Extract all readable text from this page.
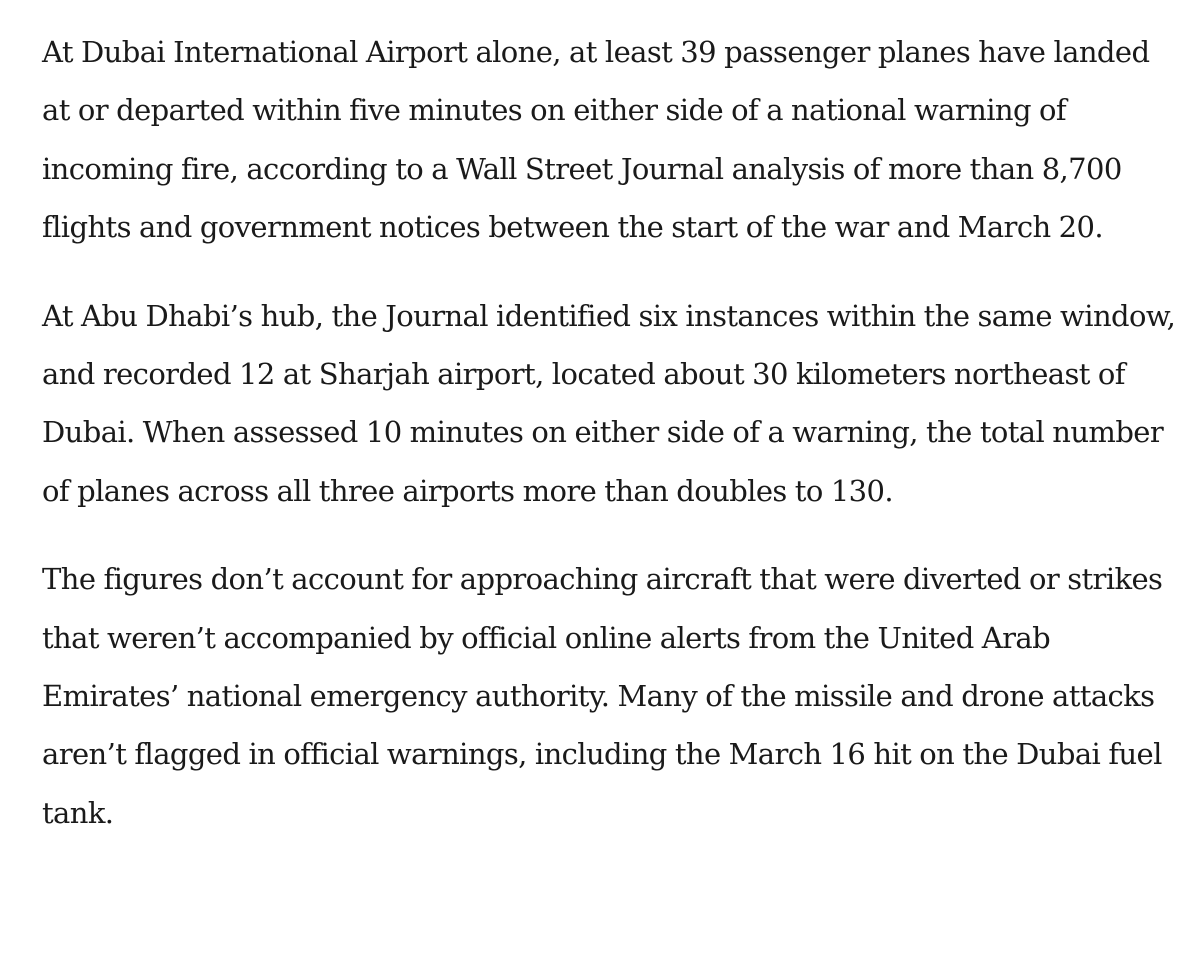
At Dubai International Airport alone, at least 39 passenger planes have landed at or departed within five minutes on either side of a national warning of incoming fire, according to a Wall Street Journal analysis of more than 8,700 flights and government notices between the start of the war and March 20.

At Abu Dhabi’s hub, the Journal identified six instances within the same window, and recorded 12 at Sharjah airport, located about 30 kilometers northeast of Dubai. When assessed 10 minutes on either side of a warning, the total number of planes across all three airports more than doubles to 130.

The figures don’t account for approaching aircraft that were diverted or strikes that weren’t accompanied by official online alerts from the United Arab Emirates’ national emergency authority. Many of the missile and drone attacks aren’t flagged in official warnings, including the March 16 hit on the Dubai fuel tank.
